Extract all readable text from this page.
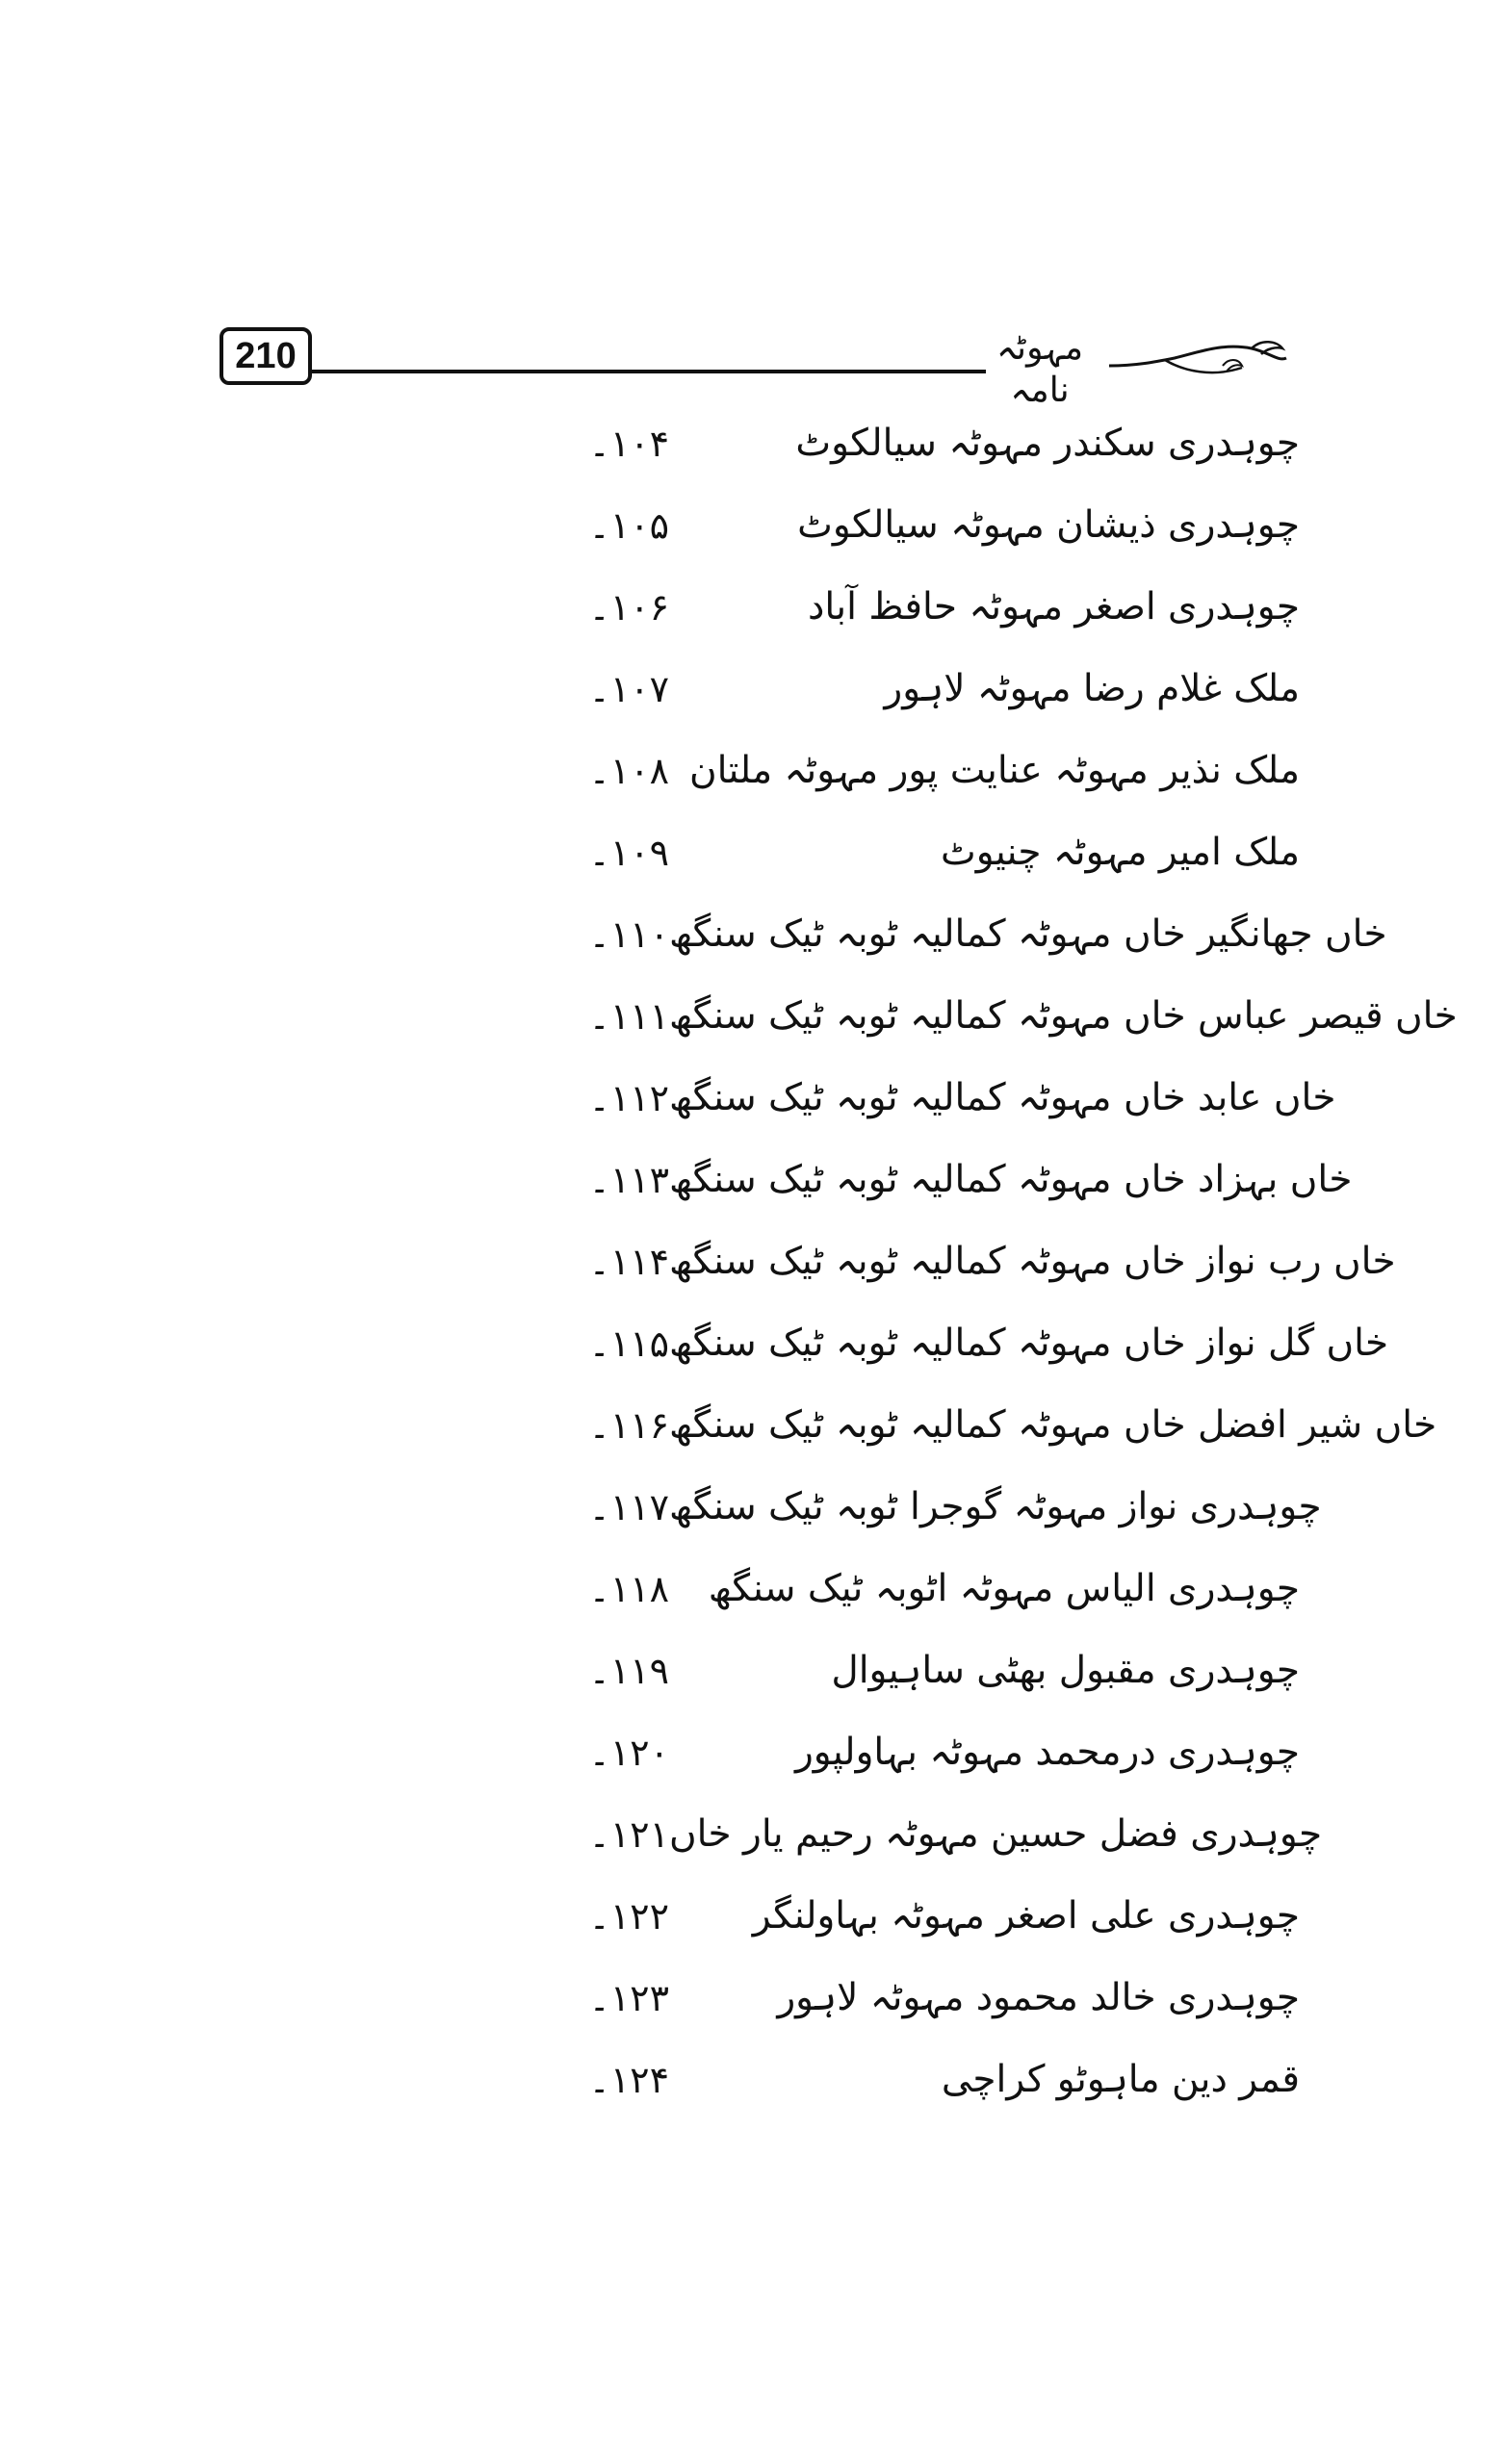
210	مہوٹہ نامہ
۱۰۴۔	چوہدری سکندر مہوٹہ سیالکوٹ
۱۰۵۔	چوہدری ذیشان مہوٹہ سیالکوٹ
۱۰۶۔	چوہدری اصغر مہوٹہ حافظ آباد
۱۰۷۔	ملک غلام رضا مہوٹہ لاہور
۱۰۸۔ ملک نذیر مہوٹہ عنایت پور مہوٹہ ملتان
۱۰۹۔	ملک امیر مہوٹہ چنیوٹ
۱۱۰۔ خاں جھانگیر خاں مہوٹہ کمالیہ ٹوبہ ٹیک سنگھ
۱۱۱۔ خاں قیصر عباس خاں مہوٹہ کمالیہ ٹوبہ ٹیک سنگھ
۱۱۲۔ خاں عابد خاں مہوٹہ کمالیہ ٹوبہ ٹیک سنگھ
۱۱۳۔ خاں بہزاد خاں مہوٹہ کمالیہ ٹوبہ ٹیک سنگھ
۱۱۴۔ خاں رب نواز خاں مہوٹہ کمالیہ ٹوبہ ٹیک سنگھ
۱۱۵۔ خاں گل نواز خاں مہوٹہ کمالیہ ٹوبہ ٹیک سنگھ
۱۱۶۔ خاں شیر افضل خاں مہوٹہ کمالیہ ٹوبہ ٹیک سنگھ
۱۱۷۔ چوہدری نواز مہوٹہ گوجرا ٹوبہ ٹیک سنگھ
۱۱۸۔	چوہدری الیاس مہوٹہ اٹوبہ ٹیک سنگھ
۱۱۹۔	چوہدری مقبول بھٹی ساہیوال
۱۲۰۔	چوہدری درمحمد مہوٹہ بہاولپور
۱۲۱۔ چوہدری فضل حسین مہوٹہ رحیم یار خاں
۱۲۲۔	چوہدری علی اصغر مہوٹہ بہاولنگر
۱۲۳۔	چوہدری خالد محمود مہوٹہ لاہور
۱۲۴۔	قمر دین ماہوٹو کراچی
